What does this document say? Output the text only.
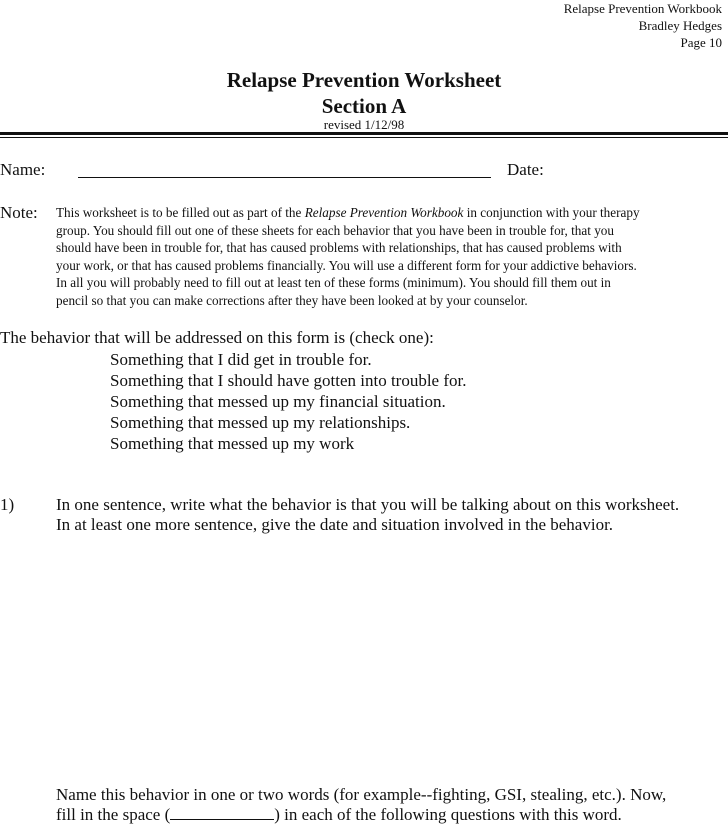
Relapse Prevention Workbook
Bradley Hedges
Page 10
Relapse Prevention Worksheet
Section A
revised 1/12/98
Name:	Date:
Note: This worksheet is to be filled out as part of the Relapse Prevention Workbook in conjunction with your therapy
group. You should fill out one of these sheets for each behavior that you have been in trouble for, that you
should have been in trouble for, that has caused problems with relationships, that has caused problems with
your work, or that has caused problems financially. You will use a different form for your addictive behaviors.
In all you will probably need to fill out at least ten of these forms (minimum). You should fill them out in
pencil so that you can make corrections after they have been looked at by your counselor.
The behavior that will be addressed on this form is (check one):
Something that I did get in trouble for.
Something that I should have gotten into trouble for.
Something that messed up my financial situation.
Something that messed up my relationships.
Something that messed up my work
1) In one sentence, write what the behavior is that you will be talking about on this worksheet.
In at least one more sentence, give the date and situation involved in the behavior.
Name this behavior in one or two words (for example--fighting, GSI, stealing, etc.). Now,
fill in the space (	) in each of the following questions with this word.
